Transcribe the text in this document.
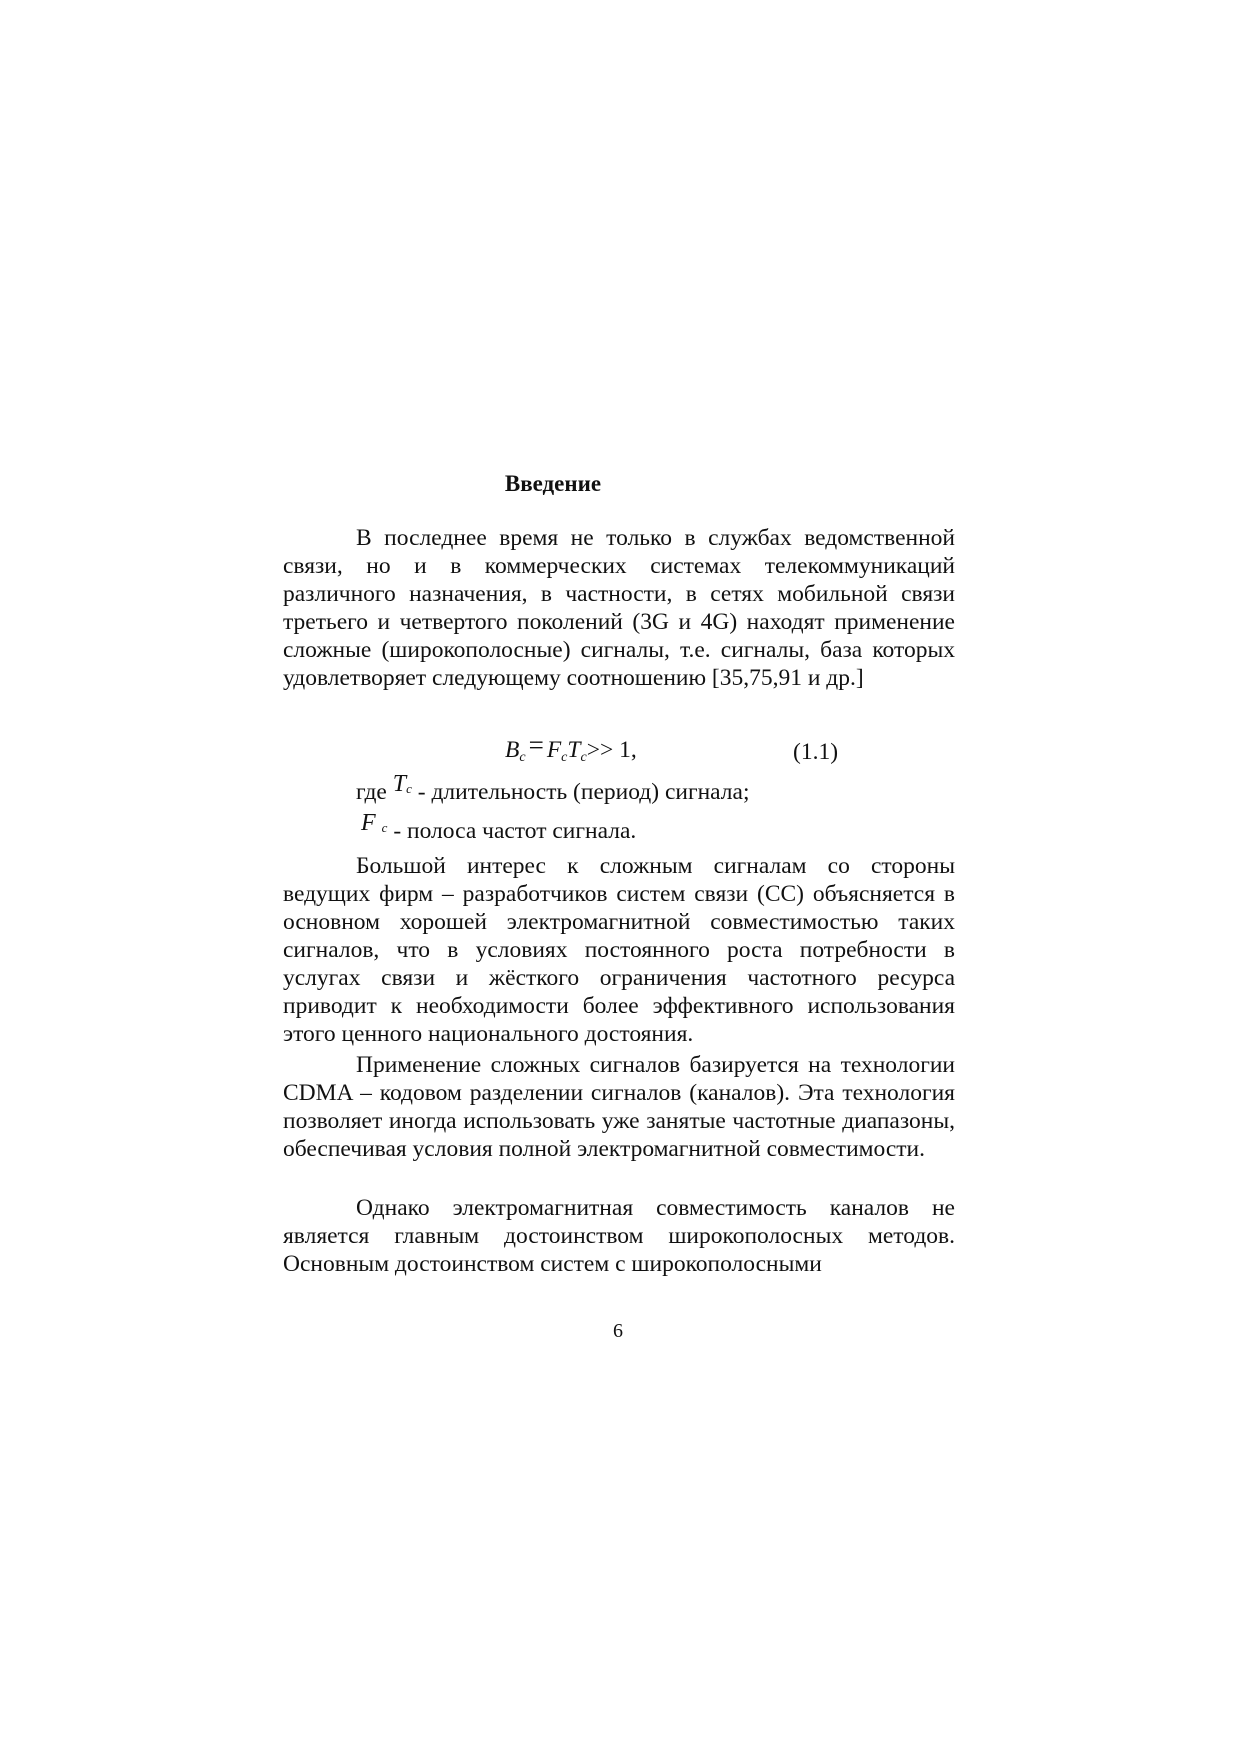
Введение

В последнее время не только в службах ведомственной связи, но и в коммерческих системах телекоммуникаций различного назначения, в частности, в сетях мобильной связи третьего и четвертого поколений (3G и 4G) находят применение сложные (широкополосные) сигналы, т.е. сигналы, база которых удовлетворяет следующему соотношению [35,75,91 и др.]

$B_c = F_cT_c>> 1$,	(1.1)
где $T_c$ - длительность (период) сигнала;
F $_c$ - полоса частот сигнала.

Большой интерес к сложным сигналам со стороны ведущих фирм – разработчиков систем связи (СС) объясняется в основном хорошей электромагнитной совместимостью таких сигналов, что в условиях постоянного роста потребности в услугах связи и жёсткого ограничения частотного ресурса приводит к необходимости более эффективного использования этого ценного национального достояния.

Применение сложных сигналов базируется на технологии CDMA – кодовом разделении сигналов (каналов). Эта технология позволяет иногда использовать уже занятые частотные диапазоны, обеспечивая условия полной электромагнитной совместимости.

Однако электромагнитная совместимость каналов не является главным достоинством широкополосных методов. Основным достоинством систем с широкополосными

6
